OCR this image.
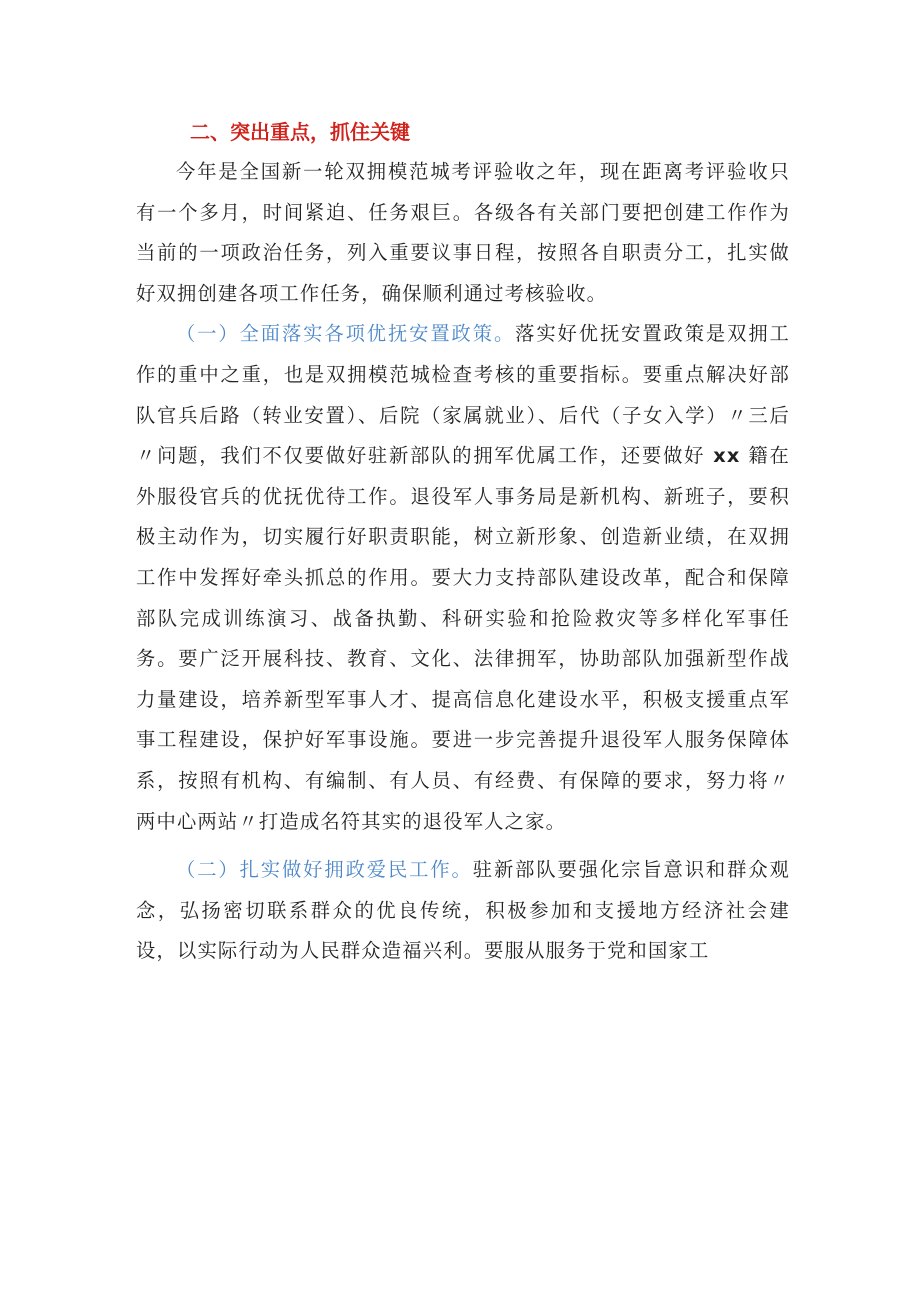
二、突出重点，抓住关键

今年是全国新一轮双拥模范城考评验收之年，现在距离考评验收只有一个多月，时间紧迫、任务艰巨。各级各有关部门要把创建工作作为当前的一项政治任务，列入重要议事日程，按照各自职责分工，扎实做好双拥创建各项工作任务，确保顺利通过考核验收。

（一）全面落实各项优抚安置政策。落实好优抚安置政策是双拥工作的重中之重，也是双拥模范城检查考核的重要指标。要重点解决好部队官兵后路（转业安置）、后院（家属就业）、后代（子女入学）〃三后〃问题，我们不仅要做好驻新部队的拥军优属工作，还要做好 xx 籍在外服役官兵的优抚优待工作。退役军人事务局是新机构、新班子，要积极主动作为，切实履行好职责职能，树立新形象、创造新业绩，在双拥工作中发挥好牵头抓总的作用。要大力支持部队建设改革，配合和保障部队完成训练演习、战备执勤、科研实验和抢险救灾等多样化军事任务。要广泛开展科技、教育、文化、法律拥军，协助部队加强新型作战力量建设，培养新型军事人才、提高信息化建设水平，积极支援重点军事工程建设，保护好军事设施。要进一步完善提升退役军人服务保障体系，按照有机构、有编制、有人员、有经费、有保障的要求，努力将〃两中心两站〃打造成名符其实的退役军人之家。

（二）扎实做好拥政爱民工作。驻新部队要强化宗旨意识和群众观念，弘扬密切联系群众的优良传统，积极参加和支援地方经济社会建设，以实际行动为人民群众造福兴利。要服从服务于党和国家工
